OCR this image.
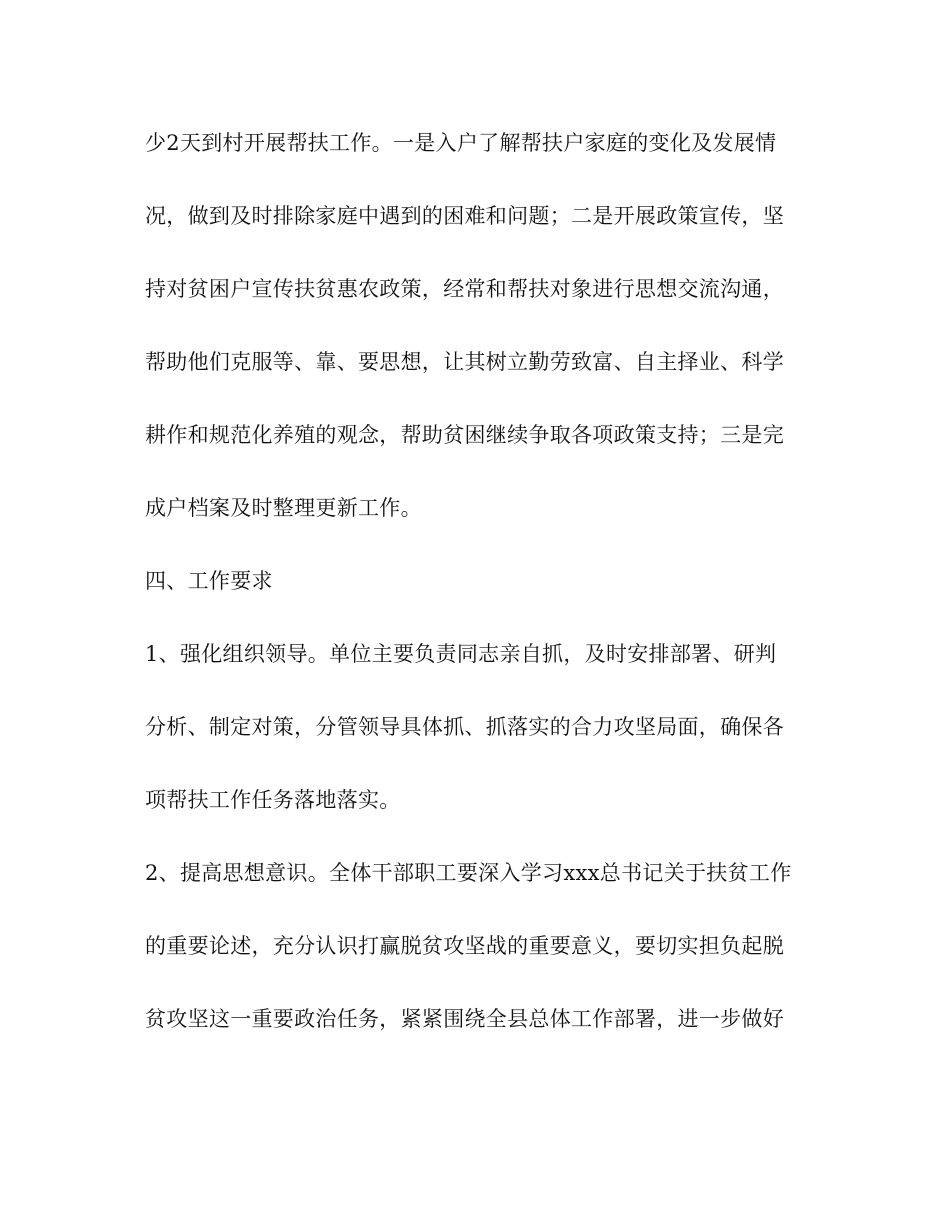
少2天到村开展帮扶工作。一是入户了解帮扶户家庭的变化及发展情
况，做到及时排除家庭中遇到的困难和问题；二是开展政策宣传，坚
持对贫困户宣传扶贫惠农政策，经常和帮扶对象进行思想交流沟通，
帮助他们克服等、靠、要思想，让其树立勤劳致富、自主择业、科学
耕作和规范化养殖的观念，帮助贫困继续争取各项政策支持；三是完
成户档案及时整理更新工作。
四、工作要求
1、强化组织领导。单位主要负责同志亲自抓，及时安排部署、研判
分析、制定对策，分管领导具体抓、抓落实的合力攻坚局面，确保各
项帮扶工作任务落地落实。
2、提高思想意识。全体干部职工要深入学习xxx总书记关于扶贫工作
的重要论述，充分认识打赢脱贫攻坚战的重要意义，要切实担负起脱
贫攻坚这一重要政治任务，紧紧围绕全县总体工作部署，进一步做好
